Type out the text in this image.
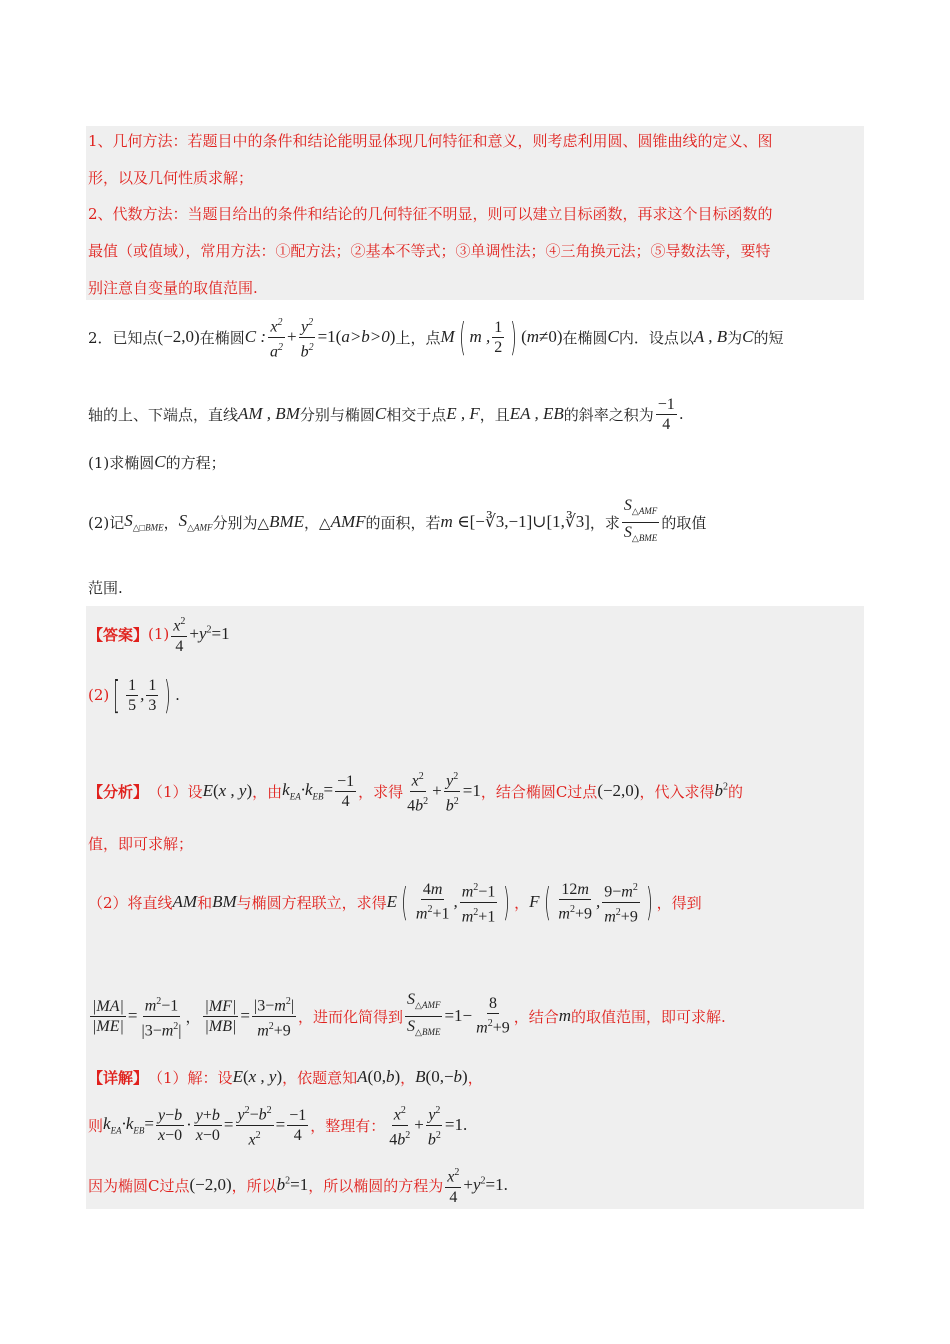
1、几何方法：若题目中的条件和结论能明显体现几何特征和意义，则考虑利用圆、圆锥曲线的定义、图
形，以及几何性质求解；
2、代数方法：当题目给出的条件和结论的几何特征不明显，则可以建立目标函数，再求这个目标函数的
最值（或值域），常用方法：①配方法；②基本不等式；③单调性法；④三角换元法；⑤导数法等，要特
别注意自变量的取值范围.
2．已知点 (−2,0) 在椭圆 C : $\frac{x^2}{a^2} + \frac{y^2}{b^2} =1(a>b>0)$ 上，点 M ( m , $\frac{1}{2}$ ) (m≠0) 在椭圆 C 内．设点以 A , B 为 C 的短
轴的上、下端点，直线 AM , BM 分别与椭圆 C 相交于点 E , F ，且 EA , EB 的斜率之积为 $\frac{-1}{4}$ .
(1)求椭圆 C 的方程；
(2)记 $S_{\triangle□BME}$ ， $S_{\triangle AMF}$ 分别为△ BME ，△ AMF 的面积，若 m ∈[−∛3,−1]∪[1,∛3] ，求 $\frac{S_{\triangle AMF}}{S_{\triangle BME}}$ 的取值
范围.
【答案】 $(1) \frac{x^2}{4} +y^2=1$
(2) [ $\frac{1}{5}$ , $\frac{1}{3}$ ) .
【分析】 （1）设 E(x , y) ，由 $k_{EA}\cdot k_{EB}= \frac{-1}{4}$ ，求得 $\frac{x^2}{4b^2} + \frac{y^2}{b^2} =1$ ，结合椭圆C过点 (−2,0) ，代入求得 $b^2$ 的
值，即可求解；
（2）将直线 AM 和 BM 与椭圆方程联立，求得 E ( $\frac{4m}{m^2+1}$ , $\frac{m^2-1}{m^2+1}$ ) ， F ( $\frac{12m}{m^2+9}$ , $\frac{9-m^2}{m^2+9}$ ) ，得到
$\frac{|MA|}{|ME|} = \frac{m^2-1}{|3-m^2|}$ ， $\frac{|MF|}{|MB|} = \frac{|3-m^2|}{m^2+9}$ ，进而化简得到 $\frac{S_{\triangle AMF}}{S_{\triangle BME}} =1- \frac{8}{m^2+9}$ ，结合 m 的取值范围，即可求解.
【详解】 （1）解：设 E(x , y) ，依题意知 A(0,b) ， B(0,−b) ，
则 $k_{EA}\cdot k_{EB}= \frac{y-b}{x-0} \cdot \frac{y+b}{x-0} = \frac{y^2-b^2}{x^2} = \frac{-1}{4}$ ，整理有： $\frac{x^2}{4b^2} + \frac{y^2}{b^2} =1$.
因为椭圆C过点 (−2,0) ，所以 $b^2=1$ ，所以椭圆的方程为 $\frac{x^2}{4} +y^2=1$.
